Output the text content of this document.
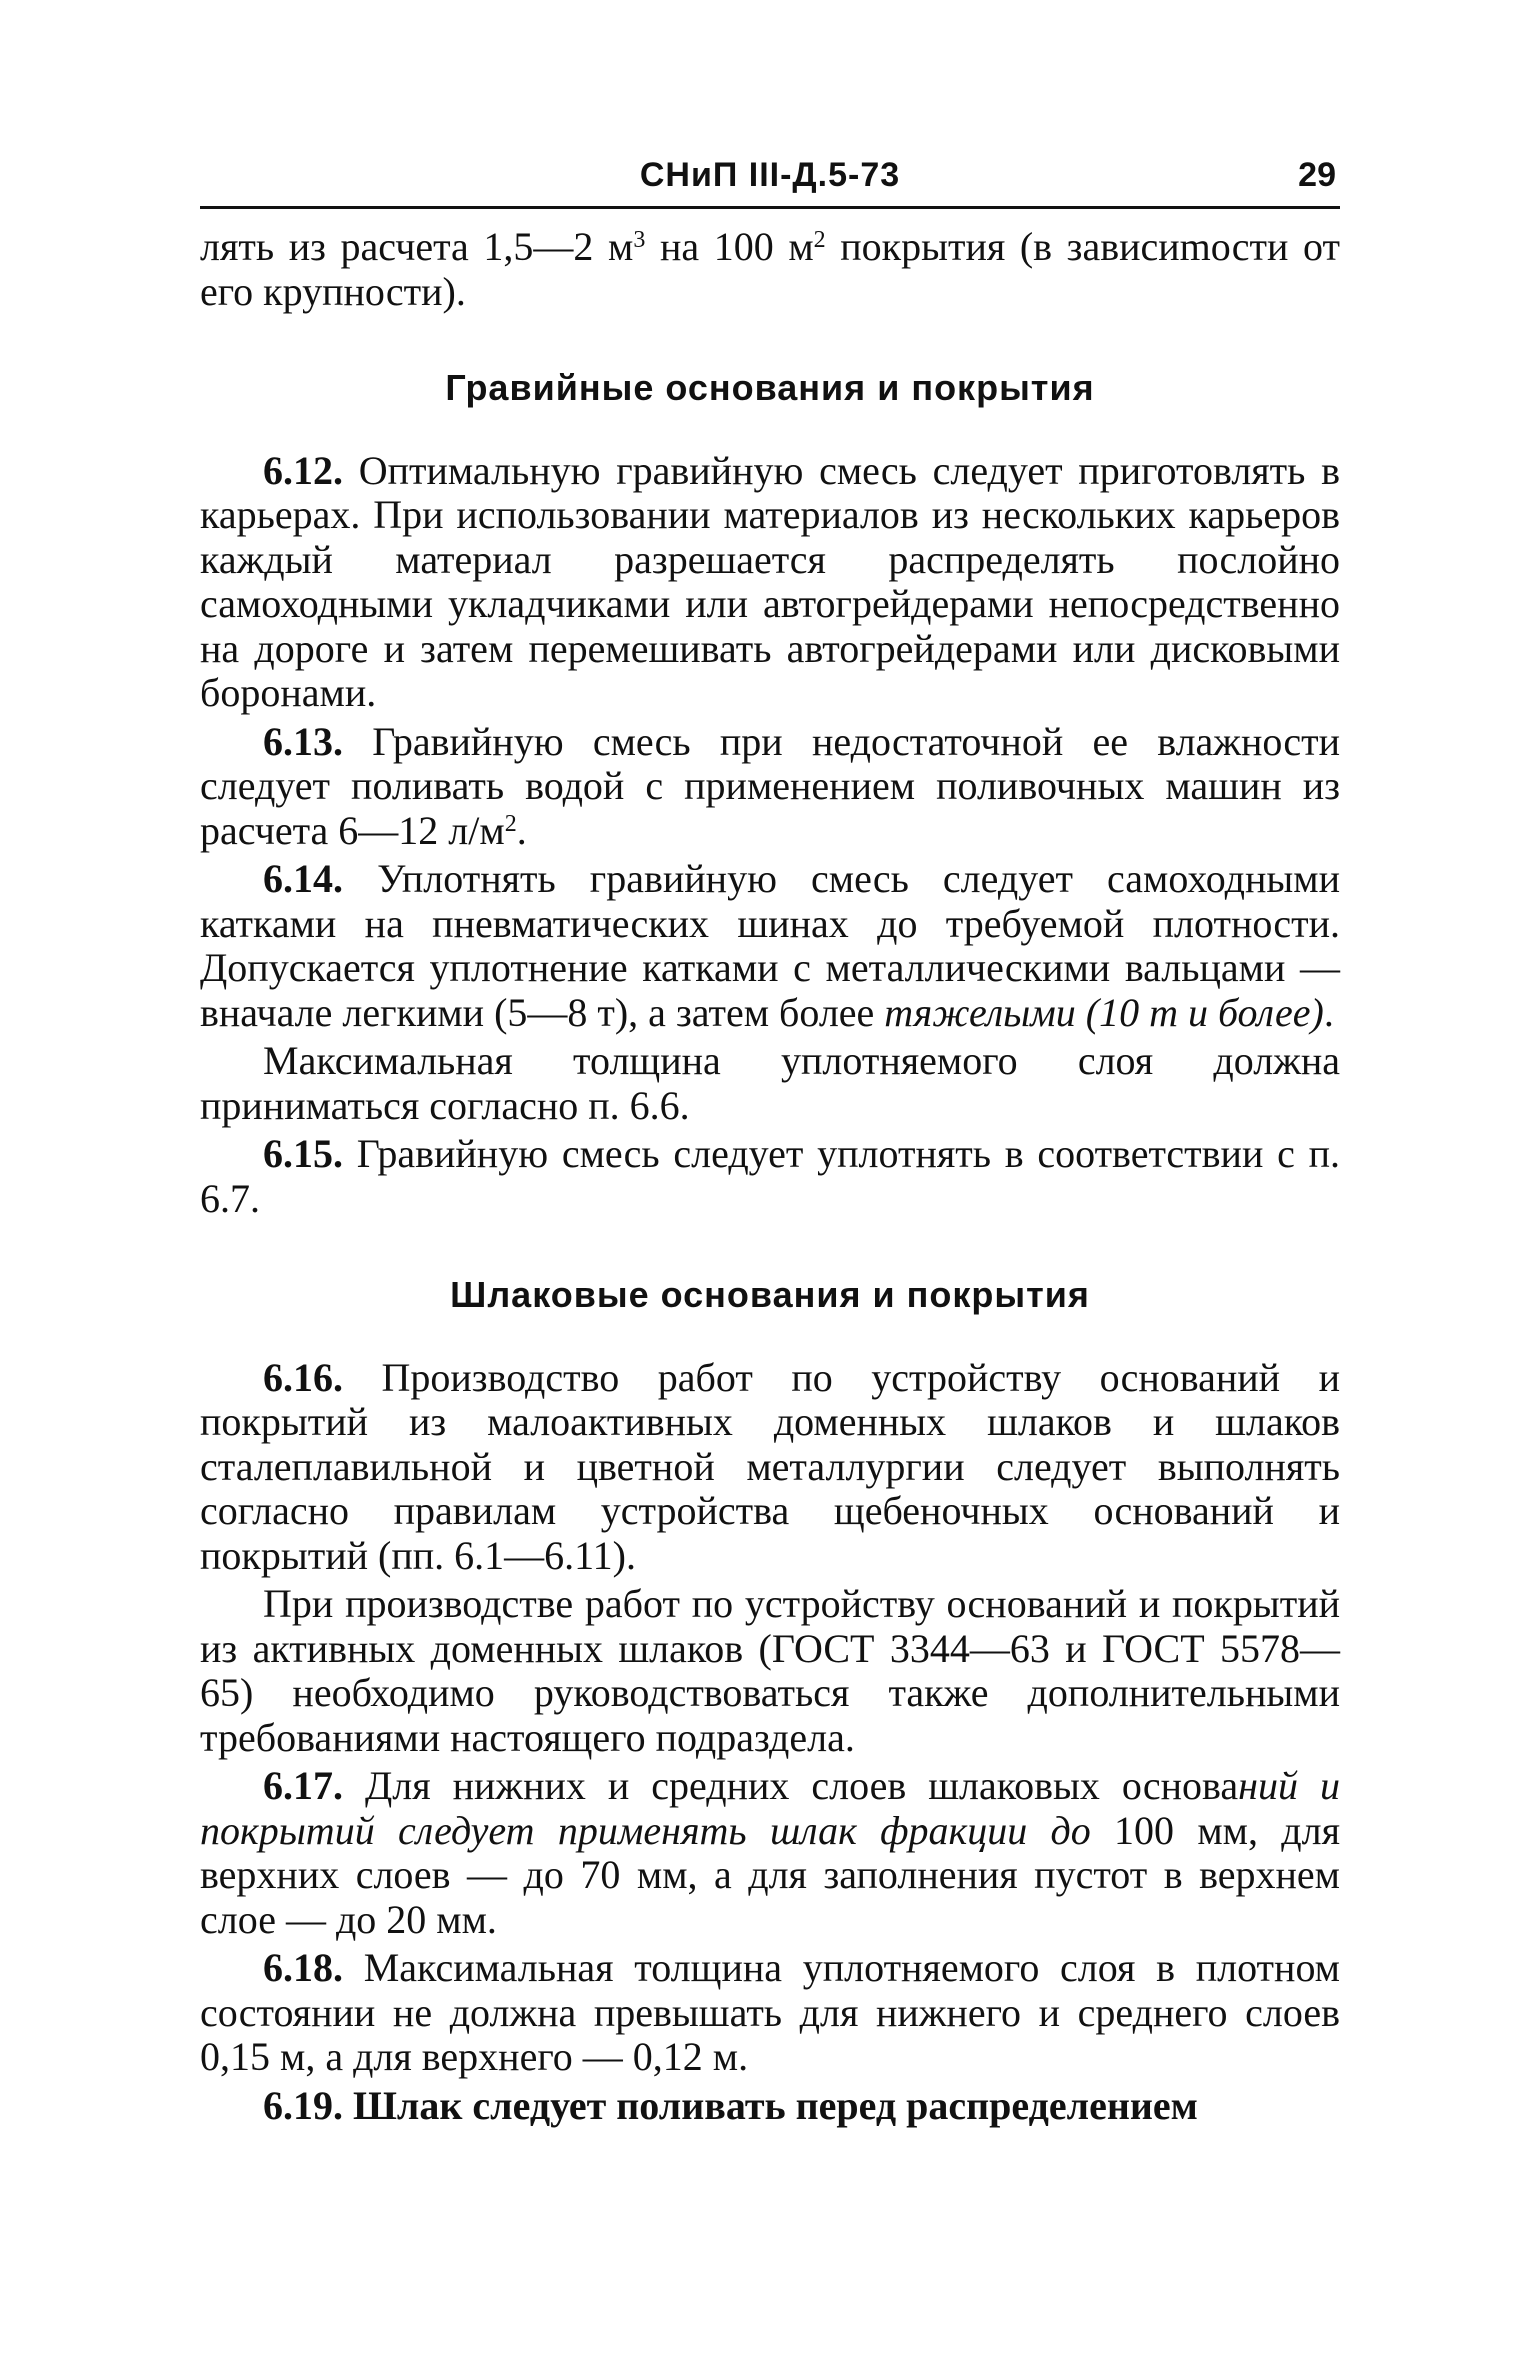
СНиП III-Д.5-73	29

лять из расчета 1,5—2 $м^3$ на 100 $м^2$ покрытия (в зависиmости от его крупности).

Гравийные основания и покрытия

6.12. Оптимальную гравийную смесь следует приготовлять в карьерах. При использовании материалов из нескольких карьеров каждый материал разрешается распределять послойно самоходными укладчиками или автогрейдерами непосредственно на дороге и затем перемешивать автогрейдерами или дисковыми боронами.

6.13. Гравийную смесь при недостаточной ее влажности следует поливать водой с применением поливочных машин из расчета 6—12 $л/м^2$.

6.14. Уплотнять гравийную смесь следует самоходными катками на пневматических шинах до требуемой плотности. Допускается уплотнение катками с металлическими вальцами — вначале легкими (5—8 т), а затем более тяжелыми (10 т и более).

Максимальная толщина уплотняемого слоя должна приниматься согласно п. 6.6.

6.15. Гравийную смесь следует уплотнять в соответствии с п. 6.7.

Шлаковые основания и покрытия

6.16. Производство работ по устройству оснований и покрытий из малоактивных доменных шлаков и шлаков сталеплавильной и цветной металлургии следует выполнять согласно правилам устройства щебеночных оснований и покрытий (пп. 6.1—6.11).

При производстве работ по устройству оснований и покрытий из активных доменных шлаков (ГОСТ 3344—63 и ГОСТ 5578—65) необходимо руководствоваться также дополнительными требованиями настоящего подраздела.

6.17. Для нижних и средних слоев шлаковых оснований и покрытий следует применять шлак фракции до 100 мм, для верхних слоев — до 70 мм, а для заполнения пустот в верхнем слое — до 20 мм.

6.18. Максимальная толщина уплотняемого слоя в плотном состоянии не должна превышать для нижнего и среднего слоев 0,15 м, а для верхнего — 0,12 м.

6.19. Шлак следует поливать перед распределением
